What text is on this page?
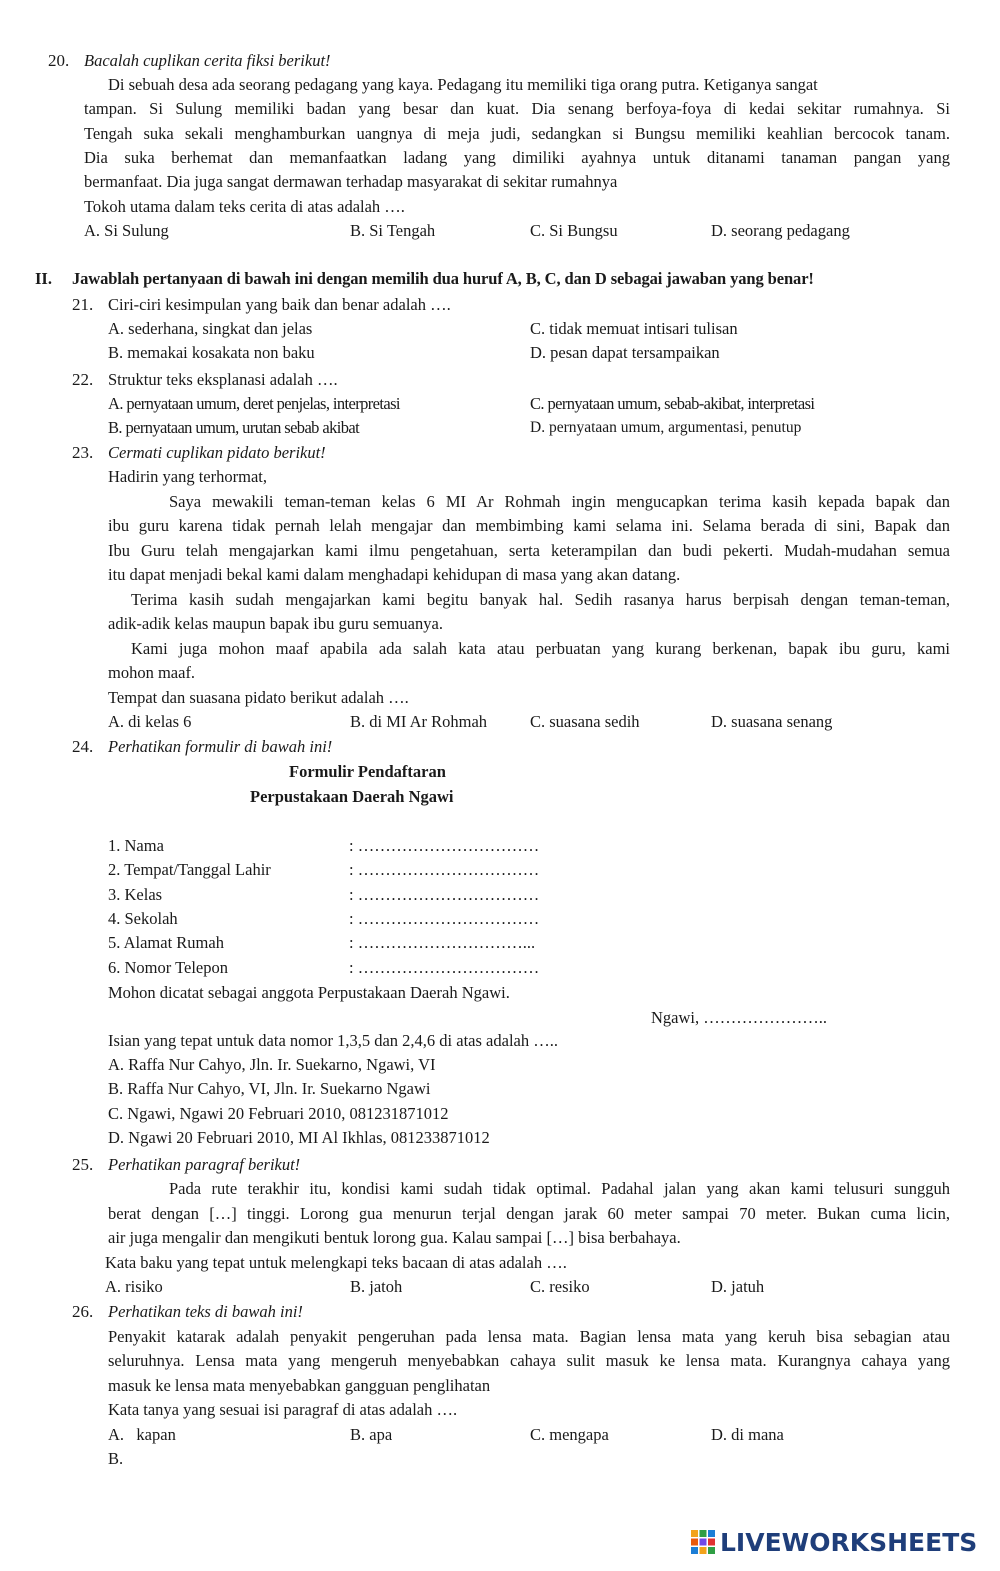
20. Bacalah cuplikan cerita fiksi berikut!
Di sebuah desa ada seorang pedagang yang kaya. Pedagang itu memiliki tiga orang putra. Ketiganya sangat
tampan. Si Sulung memiliki badan yang besar dan kuat. Dia senang berfoya-foya di kedai sekitar rumahnya. Si
Tengah suka sekali menghamburkan uangnya di meja judi, sedangkan si Bungsu memiliki keahlian bercocok tanam.
Dia suka berhemat dan memanfaatkan ladang yang dimiliki ayahnya untuk ditanami tanaman pangan yang
bermanfaat. Dia juga sangat dermawan terhadap masyarakat di sekitar rumahnya
Tokoh utama dalam teks cerita di atas adalah ….
A. Si Sulung	B. Si Tengah	C. Si Bungsu	D. seorang pedagang
II. Jawablah pertanyaan di bawah ini dengan memilih dua huruf A, B, C, dan D sebagai jawaban yang benar!
21. Ciri-ciri kesimpulan yang baik dan benar adalah ….
A. sederhana, singkat dan jelas	C. tidak memuat intisari tulisan
B. memakai kosakata non baku	D. pesan dapat tersampaikan
22. Struktur teks eksplanasi adalah ….
A. pernyataan umum, deret penjelas, interpretasi	C. pernyataan umum, sebab-akibat, interpretasi
B. pernyataan umum, urutan sebab akibat	D. pernyataan umum, argumentasi, penutup
23. Cermati cuplikan pidato berikut!
Hadirin yang terhormat,
Saya mewakili teman-teman kelas 6 MI Ar Rohmah ingin mengucapkan terima kasih kepada bapak dan
ibu guru karena tidak pernah lelah mengajar dan membimbing kami selama ini. Selama berada di sini, Bapak dan
Ibu Guru telah mengajarkan kami ilmu pengetahuan, serta keterampilan dan budi pekerti. Mudah-mudahan semua
itu dapat menjadi bekal kami dalam menghadapi kehidupan di masa yang akan datang.
Terima kasih sudah mengajarkan kami begitu banyak hal. Sedih rasanya harus berpisah dengan teman-teman,
adik-adik kelas maupun bapak ibu guru semuanya.
Kami juga mohon maaf apabila ada salah kata atau perbuatan yang kurang berkenan, bapak ibu guru, kami
mohon maaf.
Tempat dan suasana pidato berikut adalah ….
A. di kelas 6	B. di MI Ar Rohmah	C. suasana sedih	D. suasana senang
24. Perhatikan formulir di bawah ini!
Formulir Pendaftaran
Perpustakaan Daerah Ngawi
1. Nama	: ……………………………
2. Tempat/Tanggal Lahir	: ……………………………
3. Kelas	: ……………………………
4. Sekolah	: ……………………………
5. Alamat Rumah	: …………………………...
6. Nomor Telepon	: ……………………………
Mohon dicatat sebagai anggota Perpustakaan Daerah Ngawi.
Ngawi, …………………..
Isian yang tepat untuk data nomor 1,3,5 dan 2,4,6 di atas adalah …..
A. Raffa Nur Cahyo, Jln. Ir. Suekarno, Ngawi, VI
B. Raffa Nur Cahyo, VI, Jln. Ir. Suekarno Ngawi
C. Ngawi, Ngawi 20 Februari 2010, 081231871012
D. Ngawi 20 Februari 2010, MI Al Ikhlas, 081233871012
25. Perhatikan paragraf berikut!
Pada rute terakhir itu, kondisi kami sudah tidak optimal. Padahal jalan yang akan kami telusuri sungguh
berat dengan […] tinggi. Lorong gua menurun terjal dengan jarak 60 meter sampai 70 meter. Bukan cuma licin,
air juga mengalir dan mengikuti bentuk lorong gua. Kalau sampai […] bisa berbahaya.
Kata baku yang tepat untuk melengkapi teks bacaan di atas adalah ….
A. risiko	B. jatoh	C. resiko	D. jatuh
26. Perhatikan teks di bawah ini!
Penyakit katarak adalah penyakit pengeruhan pada lensa mata. Bagian lensa mata yang keruh bisa sebagian atau
seluruhnya. Lensa mata yang mengeruh menyebabkan cahaya sulit masuk ke lensa mata. Kurangnya cahaya yang
masuk ke lensa mata menyebabkan gangguan penglihatan
Kata tanya yang sesuai isi paragraf di atas adalah ….
A.   kapan	B. apa	C. mengapa	D. di mana
B.
LIVEWORKSHEETS
